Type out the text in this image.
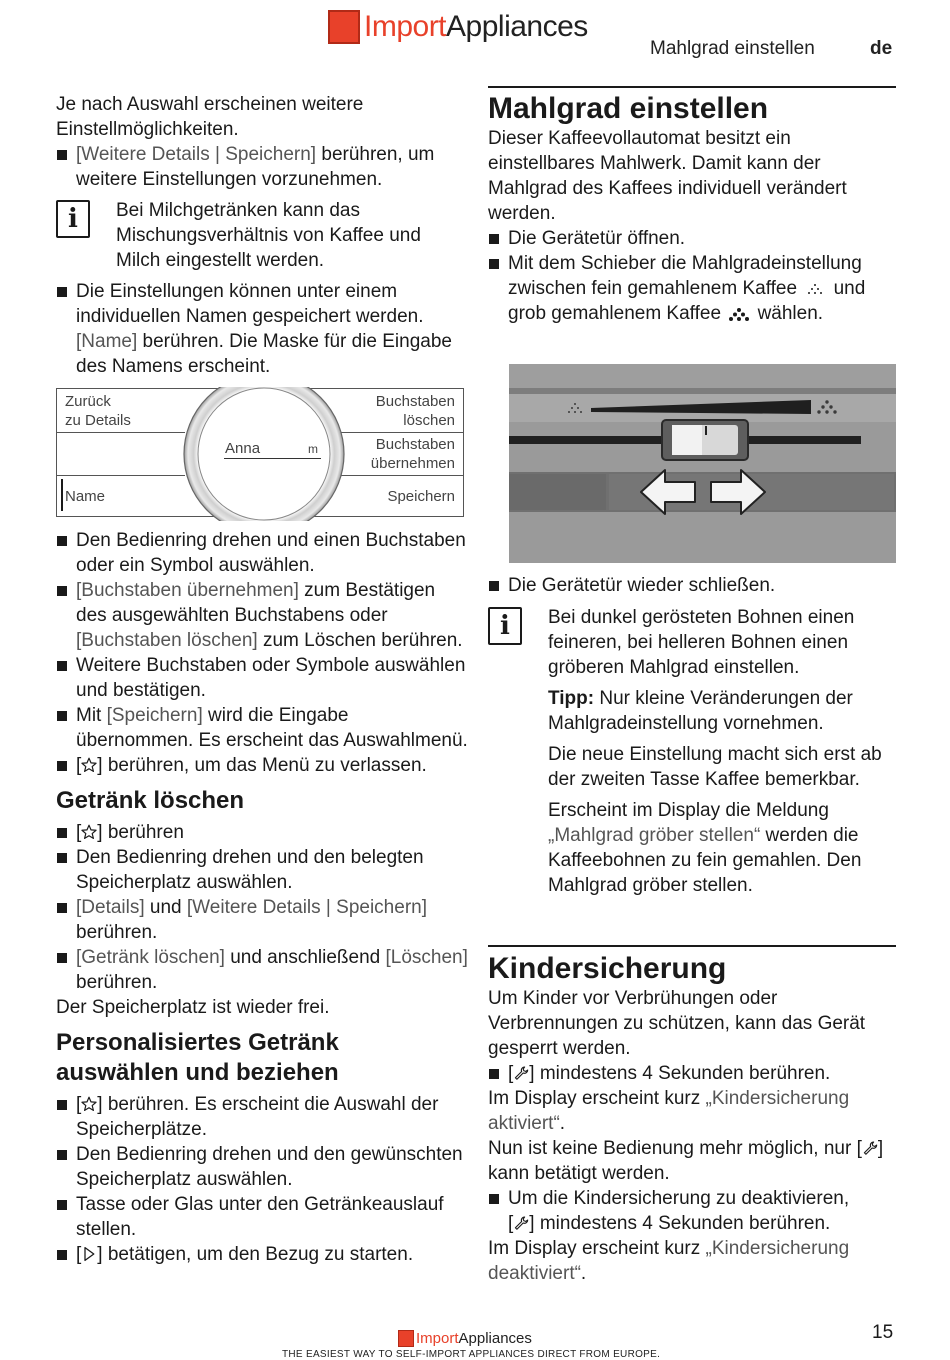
ImportAppliances
Mahlgrad einstellen	de

Je nach Auswahl erscheinen weitere Einstellmöglichkeiten.

[Weitere Details | Speichern] berühren, um weitere Einstellungen vorzunehmen.

i	Bei Milchgetränken kann das Mischungsverhältnis von Kaffee und Milch eingestellt werden.

Die Einstellungen können unter einem individuellen Namen gespeichert werden. [Name] berühren. Die Maske für die Eingabe des Namens erscheint.

Zurück
zu Details
Buchstaben
löschen
Buchstaben
übernehmen
Name	Speichern
Anna	m

Den Bedienring drehen und einen Buchstaben oder ein Symbol auswählen.

[Buchstaben übernehmen] zum Bestätigen des ausgewählten Buchstabens oder [Buchstaben löschen] zum Löschen berühren.

Weitere Buchstaben oder Symbole auswählen und bestätigen.

Mit [Speichern] wird die Eingabe übernommen. Es erscheint das Auswahlmenü.

[ ] berühren, um das Menü zu verlassen.

Getränk löschen

[ ] berühren

Den Bedienring drehen und den belegten Speicherplatz auswählen.

[Details] und [Weitere Details | Speichern] berühren.

[Getränk löschen] und anschließend [Löschen] berühren.

Der Speicherplatz ist wieder frei.

Personalisiertes Getränk auswählen und beziehen

[ ] berühren. Es erscheint die Auswahl der Speicherplätze.

Den Bedienring drehen und den gewünschten Speicherplatz auswählen.

Tasse oder Glas unter den Getränkeauslauf stellen.

[ ] betätigen, um den Bezug zu starten.

Mahlgrad einstellen

Dieser Kaffeevollautomat besitzt ein einstellbares Mahlwerk. Damit kann der Mahlgrad des Kaffees individuell verändert werden.

Die Gerätetür öffnen.

Mit dem Schieber die Mahlgradeinstellung zwischen fein gemahlenem Kaffee  und grob gemahlenem Kaffee  wählen.

Die Gerätetür wieder schließen.

i	Bei dunkel gerösteten Bohnen einen feineren, bei helleren Bohnen einen gröberen Mahlgrad einstellen.

Tipp: Nur kleine Veränderungen der Mahlgradeinstellung vornehmen.

Die neue Einstellung macht sich erst ab der zweiten Tasse Kaffee bemerkbar.

Erscheint im Display die Meldung „Mahlgrad gröber stellen“ werden die Kaffeebohnen zu fein gemahlen. Den Mahlgrad gröber stellen.

Kindersicherung

Um Kinder vor Verbrühungen oder Verbrennungen zu schützen, kann das Gerät gesperrt werden.

[ ] mindestens 4 Sekunden berühren.

Im Display erscheint kurz „Kindersicherung aktiviert“.

Nun ist keine Bedienung mehr möglich, nur [ ] kann betätigt werden.

Um die Kindersicherung zu deaktivieren,
[ ] mindestens 4 Sekunden berühren.

Im Display erscheint kurz „Kindersicherung deaktiviert“.

15
ImportAppliances
THE EASIEST WAY TO SELF-IMPORT APPLIANCES DIRECT FROM EUROPE.
